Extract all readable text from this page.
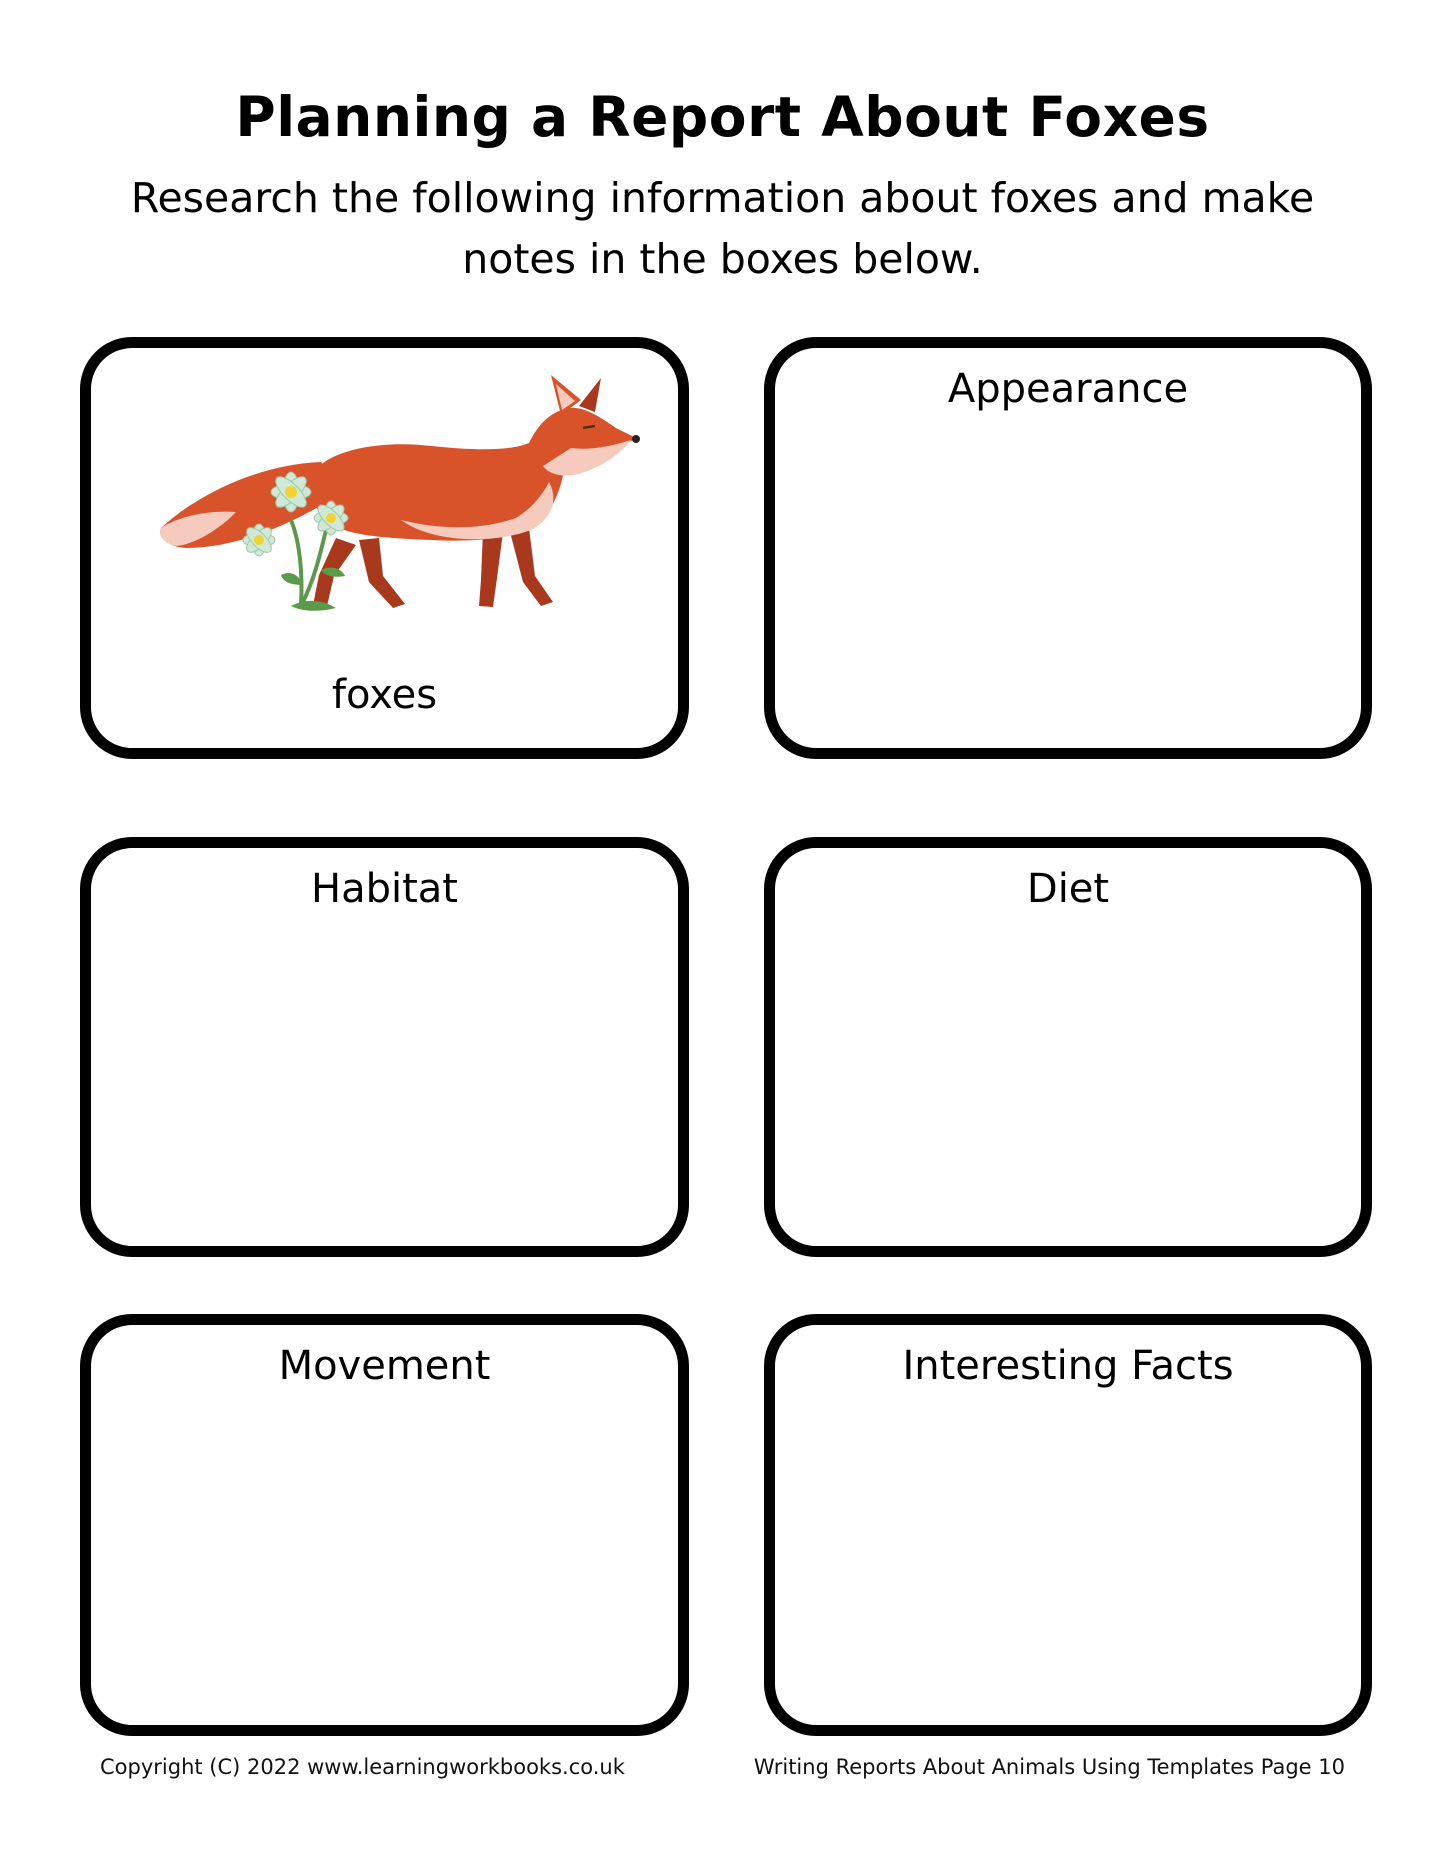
Planning a Report About Foxes
Research the following information about foxes and make notes in the boxes below.
foxes
Appearance
Habitat	Diet
Movement	Interesting Facts
Copyright (C) 2022 www.learningworkbooks.co.uk	Writing Reports About Animals Using Templates Page 10
